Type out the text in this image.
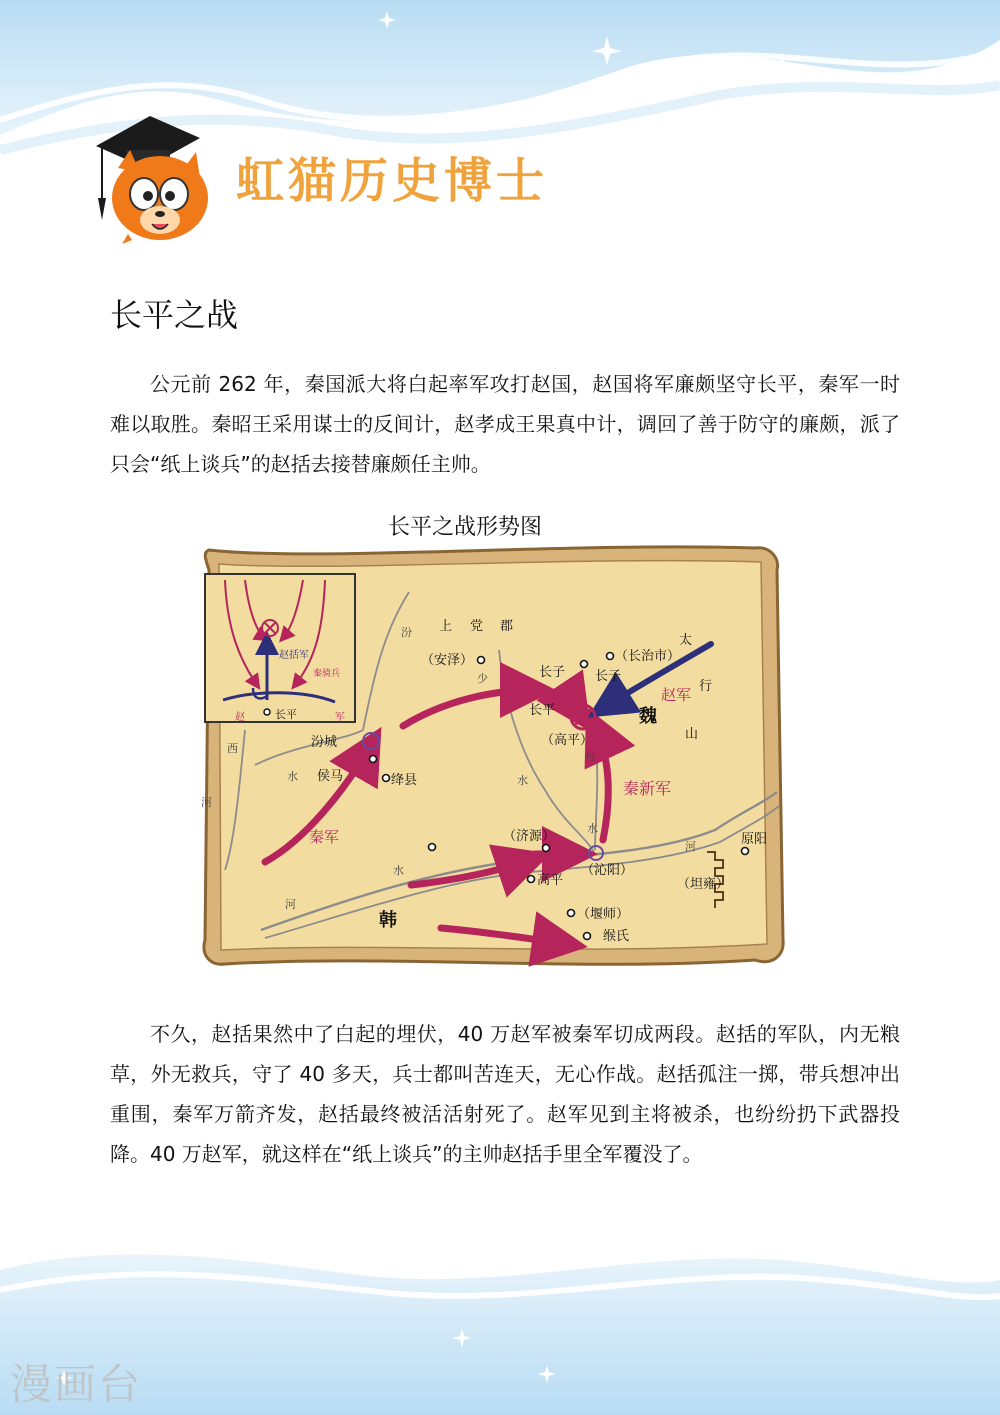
虹猫历史博士
长平之战

公元前 262 年，秦国派大将白起率军攻打赵国，赵国将军廉颇坚守长平，秦军一时难以取胜。秦昭王采用谋士的反间计，赵孝成王果真中计，调回了善于防守的廉颇，派了只会“纸上谈兵”的赵括去接替廉颇任主帅。

长平之战形势图
赵	长平	军
赵括军
秦骑兵
上 党 郡
（安泽）
长子 长子
（长治市）
长平
（高平）
汾城
侯马	绛县
（济源）
（沁阳）
高平
（堰师）
缑氏
原阳
（坦雍）
魏
韩
汾
少
水
丹
水
西
水
河
水
河
河
太
行
山
秦军
秦新军
赵军

不久，赵括果然中了白起的埋伏，40 万赵军被秦军切成两段。赵括的军队，内无粮草，外无救兵，守了 40 多天，兵士都叫苦连天，无心作战。赵括孤注一掷，带兵想冲出重围，秦军万箭齐发，赵括最终被活活射死了。赵军见到主将被杀，也纷纷扔下武器投降。40 万赵军，就这样在“纸上谈兵”的主帅赵括手里全军覆没了。

漫画台
